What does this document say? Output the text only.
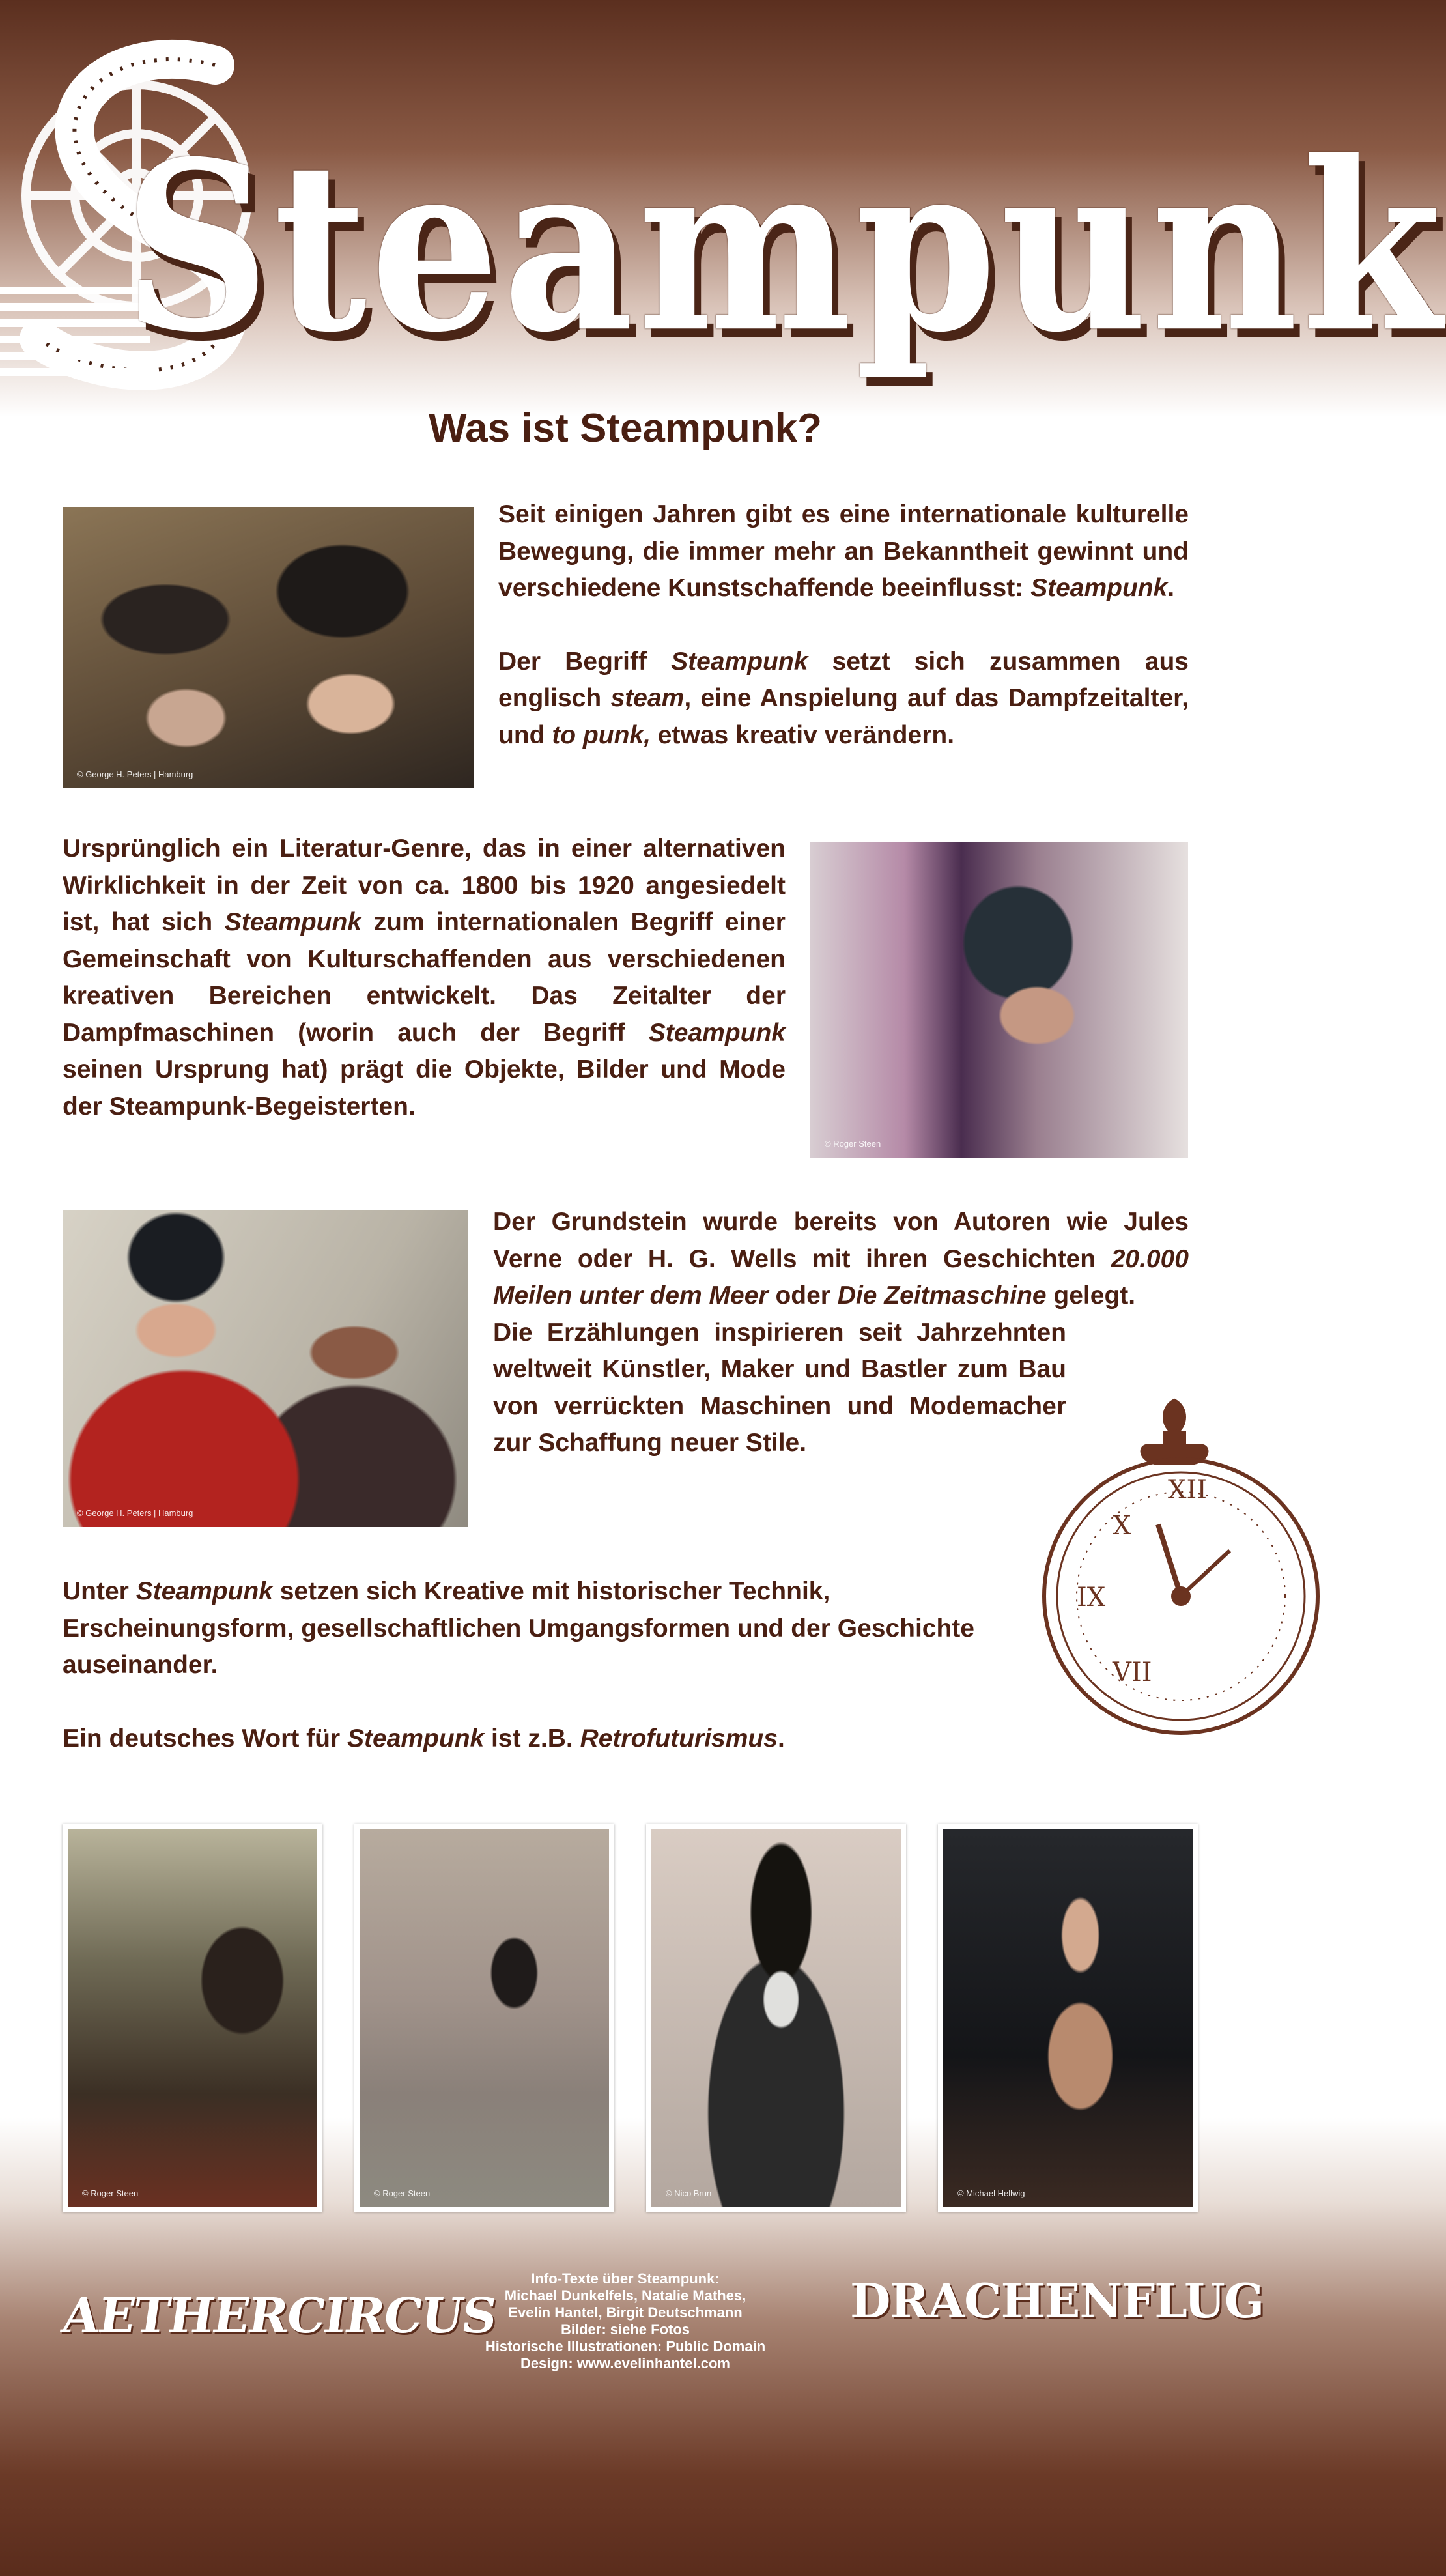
Steampunk
Was ist Steampunk?
© George H. Peters | Hamburg

Seit einigen Jahren gibt es eine internationale kulturelle Bewegung, die immer mehr an Bekanntheit gewinnt und verschiedene Kunstschaffende beeinflusst: Steampunk.

Der Begriff Steampunk setzt sich zusammen aus englisch steam, eine Anspielung auf das Dampfzeitalter, und to punk, etwas kreativ verändern.

Ursprünglich ein Literatur-Genre, das in einer alternativen Wirklichkeit in der Zeit von ca. 1800 bis 1920 angesiedelt ist, hat sich Steampunk zum internationalen Begriff einer Gemeinschaft von Kulturschaffenden aus verschiedenen kreativen Bereichen entwickelt. Das Zeitalter der Dampfmaschinen (worin auch der Begriff Steampunk seinen Ursprung hat) prägt die Objekte, Bilder und Mode der Steampunk-Begeisterten.

© Roger Steen
© George H. Peters | Hamburg

Der Grundstein wurde bereits von Autoren wie Jules Verne oder H. G. Wells mit ihren Geschichten 20.000 Meilen unter dem Meer oder Die Zeitmaschine gelegt.

Die Erzählungen inspirieren seit Jahrzehnten weltweit Künstler, Maker und Bastler zum Bau von verrückten Maschinen und Modemacher zur Schaffung neuer Stile.

XII
IX
X
VII

Unter Steampunk setzen sich Kreative mit historischer Technik, Erscheinungsform, gesellschaftlichen Umgangsformen und der Geschichte auseinander.

Ein deutsches Wort für Steampunk ist z.B. Retrofuturismus.

© Roger Steen	© Roger Steen	© Nico Brun	© Michael Hellwig
AETHERCIRCUS
Info-Texte über Steampunk:
Michael Dunkelfels, Natalie Mathes,
Evelin Hantel, Birgit Deutschmann
Bilder: siehe Fotos
Historische Illustrationen: Public Domain
Design: www.evelinhantel.com
DRACHENFLUG
